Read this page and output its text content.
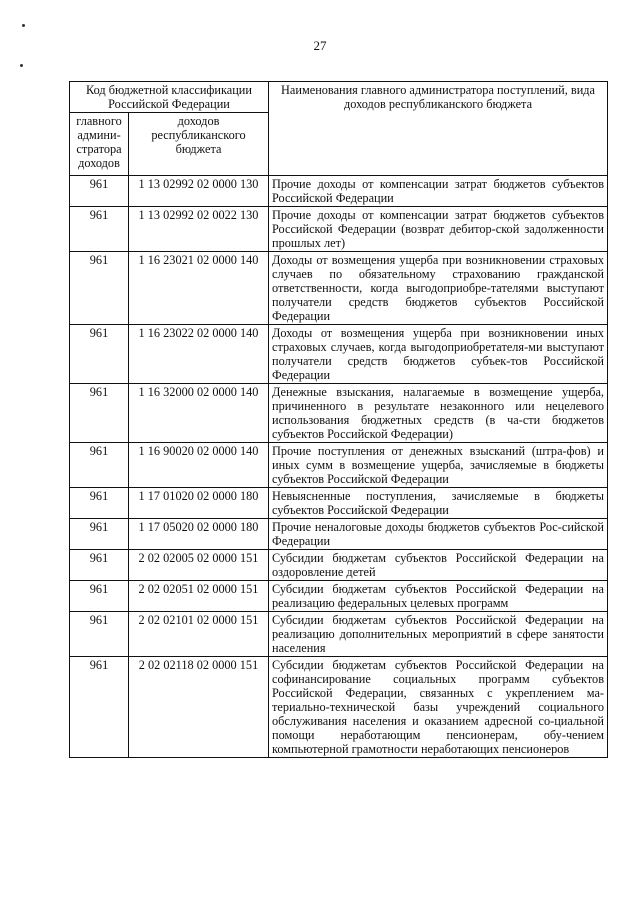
27
Код бюджетной классификации Российской Федерации		Наименования главного администратора поступлений, вида доходов республиканского бюджета
главного админи-стратора доходов	доходов республиканского бюджета	
961	1 13 02992 02 0000 130	Прочие доходы от компенсации затрат бюджетов субъектов Российской Федерации
961	1 13 02992 02 0022 130	Прочие доходы от компенсации затрат бюджетов субъектов Российской Федерации (возврат дебитор-ской задолженности прошлых лет)
961	1 16 23021 02 0000 140	Доходы от возмещения ущерба при возникновении страховых случаев по обязательному страхованию гражданской ответственности, когда выгодоприобре-тателями выступают получатели средств бюджетов субъектов Российской Федерации
961	1 16 23022 02 0000 140	Доходы от возмещения ущерба при возникновении иных страховых случаев, когда выгодоприобретателя-ми выступают получатели средств бюджетов субъек-тов Российской Федерации
961	1 16 32000 02 0000 140	Денежные взыскания, налагаемые в возмещение ущерба, причиненного в результате незаконного или нецелевого использования бюджетных средств (в ча-сти бюджетов субъектов Российской Федерации)
961	1 16 90020 02 0000 140	Прочие поступления от денежных взысканий (штра-фов) и иных сумм в возмещение ущерба, зачисляемые в бюджеты субъектов Российской Федерации
961	1 17 01020 02 0000 180	Невыясненные поступления, зачисляемые в бюджеты субъектов Российской Федерации
961	1 17 05020 02 0000 180	Прочие неналоговые доходы бюджетов субъектов Рос-сийской Федерации
961	2 02 02005 02 0000 151	Субсидии бюджетам субъектов Российской Федерации на оздоровление детей
961	2 02 02051 02 0000 151	Субсидии бюджетам субъектов Российской Федерации на реализацию федеральных целевых программ
961	2 02 02101 02 0000 151	Субсидии бюджетам субъектов Российской Федерации на реализацию дополнительных мероприятий в сфере занятости населения
961	2 02 02118 02 0000 151	Субсидии бюджетам субъектов Российской Федерации на софинансирование социальных программ субъектов Российской Федерации, связанных с укреплением ма-териально-технической базы учреждений социального обслуживания населения и оказанием адресной со-циальной помощи неработающим пенсионерам, обу-чением компьютерной грамотности неработающих пенсионеров
